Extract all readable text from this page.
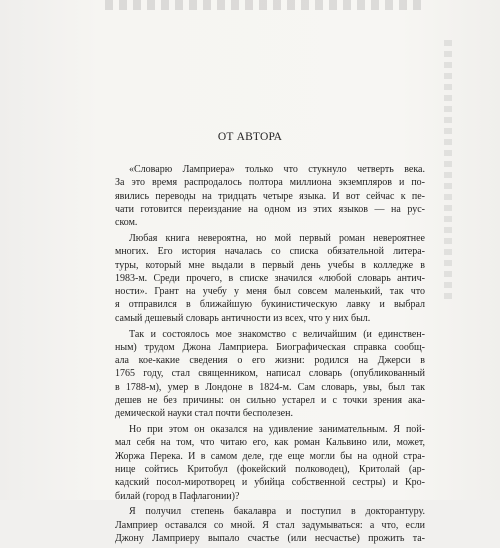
ОТ АВТОРА
«Словарю Ламприера» только что стукнуло четверть века.
За это время распродалось полтора миллиона экземпляров и по-
явились переводы на тридцать четыре языка. И вот сейчас к пе-
чати готовится переиздание на одном из этих языков — на рус-
ском.
Любая книга невероятна, но мой первый роман невероятнее
многих. Его история началась со списка обязательной литера-
туры, который мне выдали в первый день учебы в колледже в
1983-м. Среди прочего, в списке значился «любой словарь антич-
ности». Грант на учебу у меня был совсем маленький, так что
я отправился в ближайшую букинистическую лавку и выбрал
самый дешевый словарь античности из всех, что у них был.
Так и состоялось мое знакомство с величайшим (и единствен-
ным) трудом Джона Ламприера. Биографическая справка сообщ-
ала кое-какие сведения о его жизни: родился на Джерси в
1765 году, стал священником, написал словарь (опубликованный
в 1788-м), умер в Лондоне в 1824-м. Сам словарь, увы, был так
дешев не без причины: он сильно устарел и с точки зрения ака-
демической науки стал почти бесполезен.
Но при этом он оказался на удивление занимательным. Я пой-
мал себя на том, что читаю его, как роман Кальвино или, может,
Жоржа Перека. И в самом деле, где еще могли бы на одной стра-
нице сойтись Критобул (фокейский полководец), Критолай (ар-
кадский посол-миротворец и убийца собственной сестры) и Кро-
билай (город в Пафлагонии)?
Я получил степень бакалавра и поступил в докторантуру.
Ламприер оставался со мной. Я стал задумываться: а что, если
Джону Ламприеру выпало счастье (или несчастье) прожить та-
